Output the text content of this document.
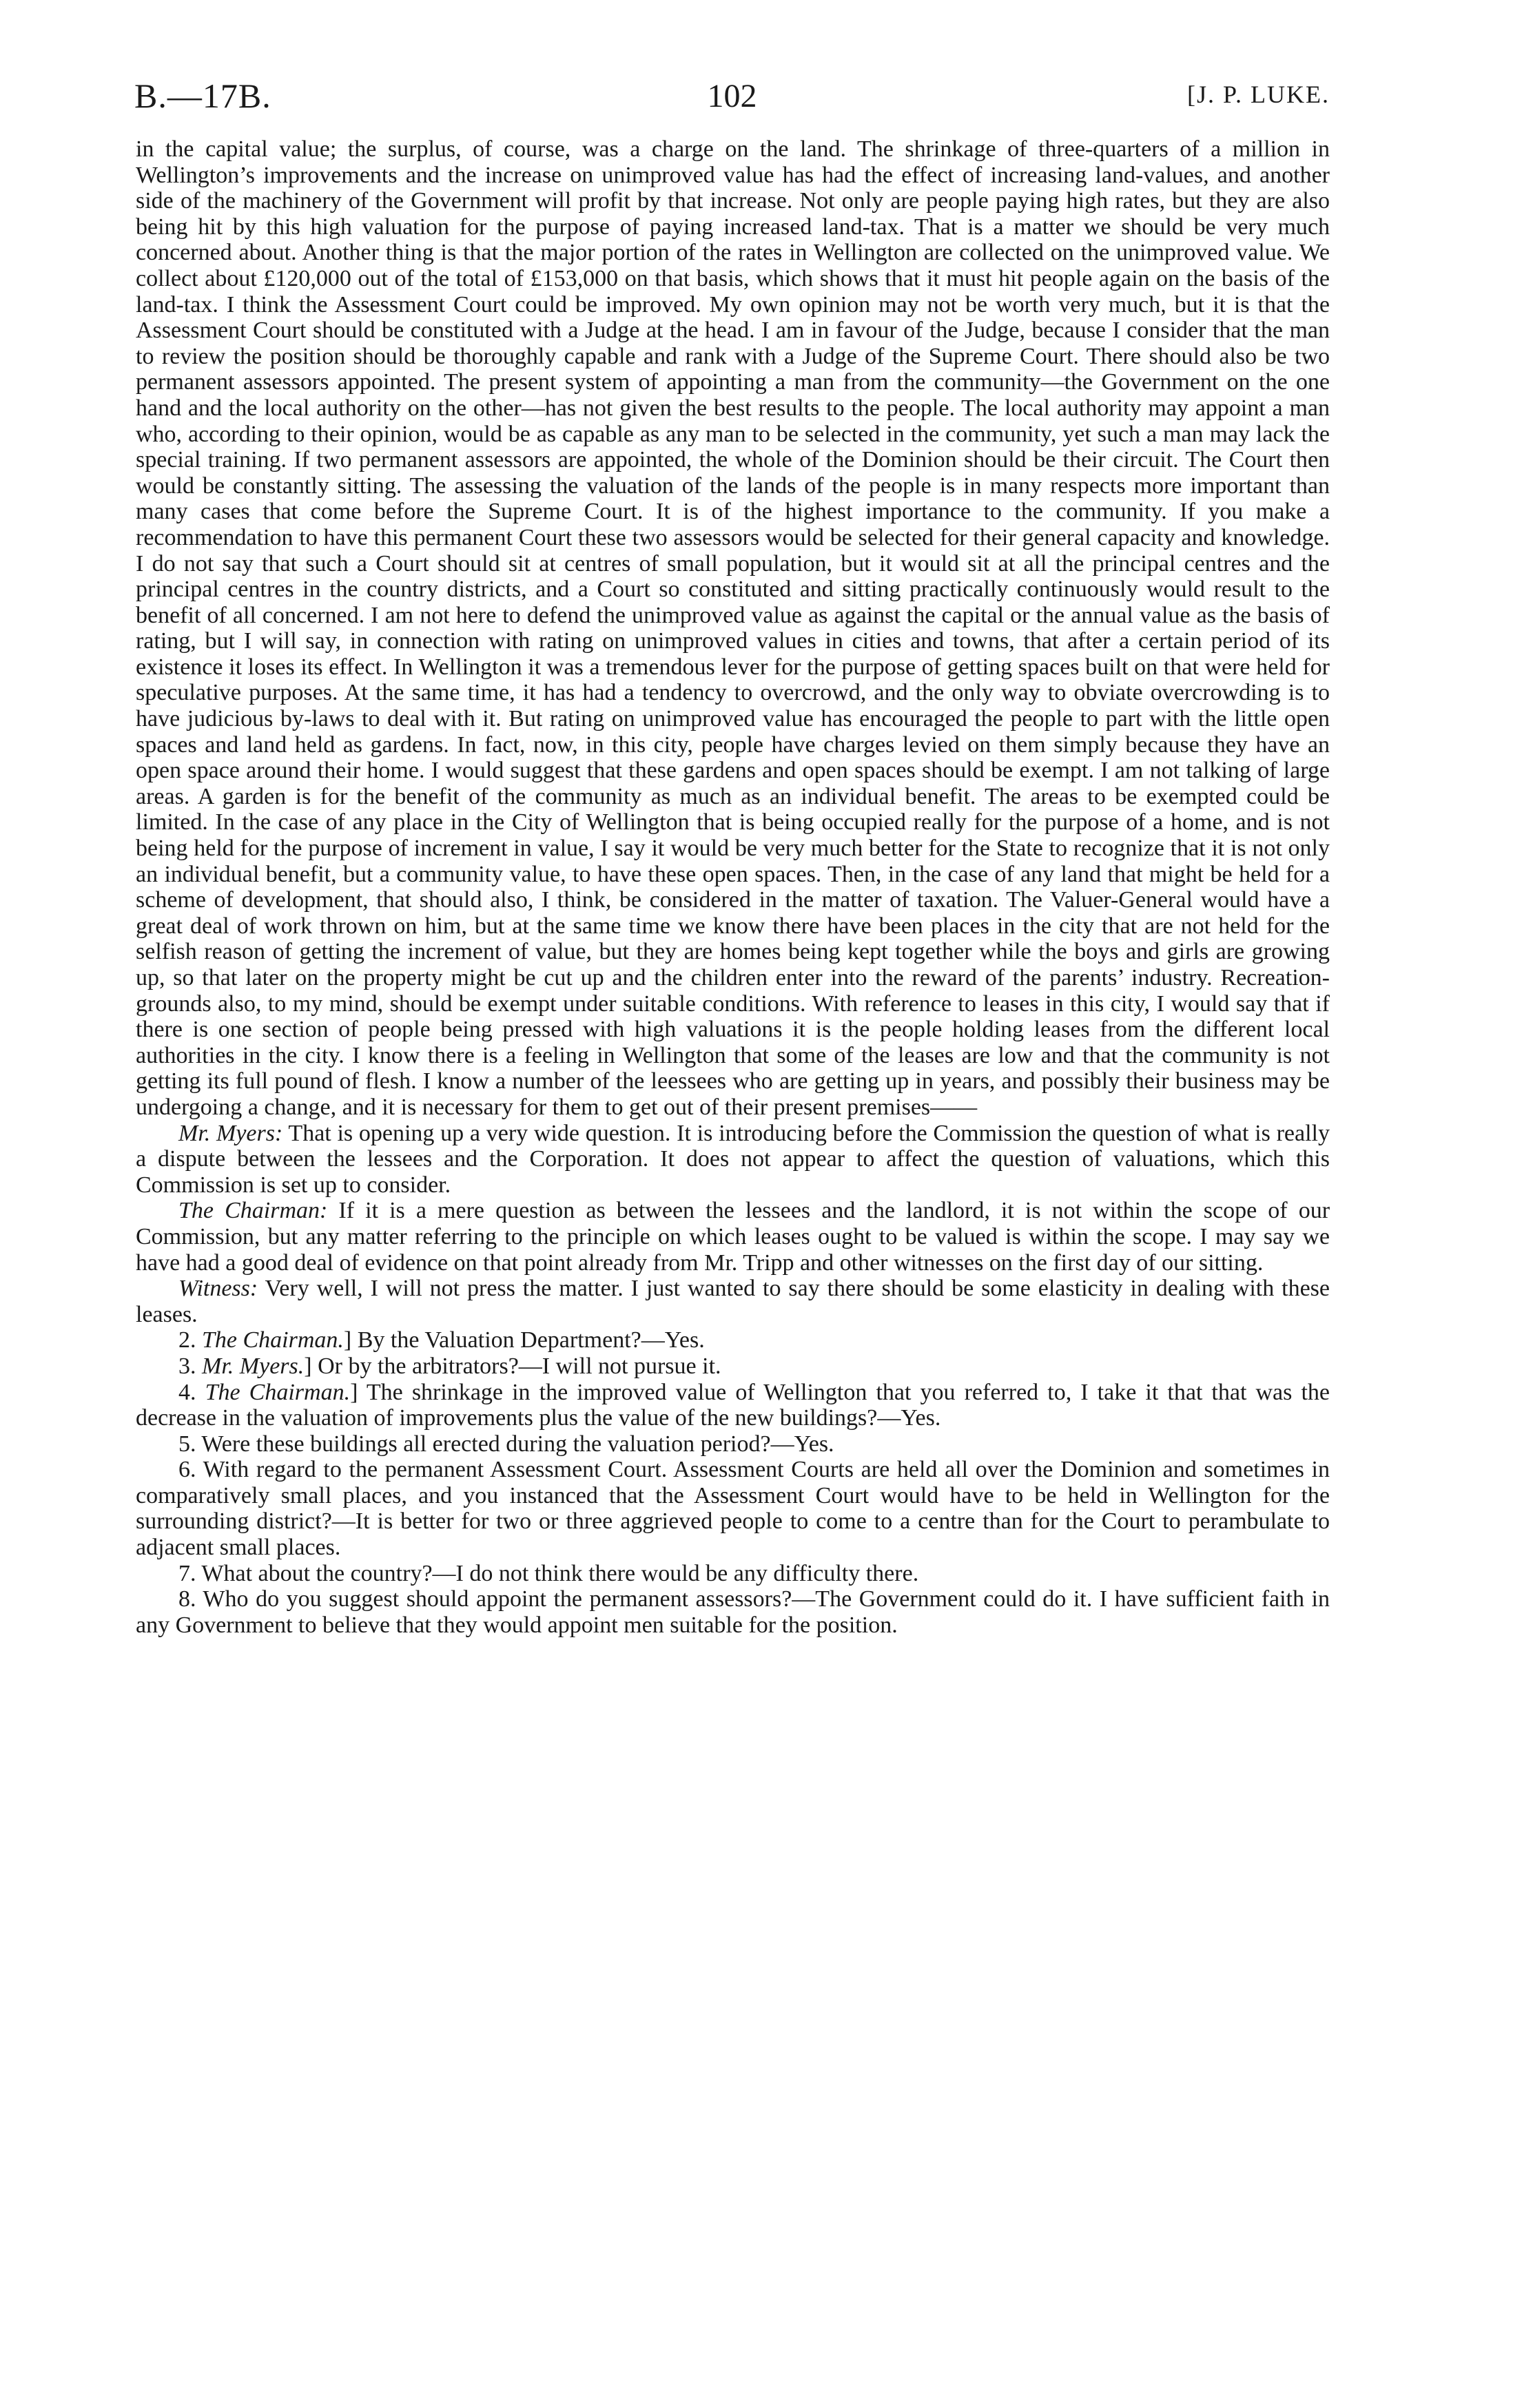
B.—17B.	102	[J. P. LUKE.

in the capital value; the surplus, of course, was a charge on the land. The shrinkage of three-quarters of a million in Wellington’s improvements and the increase on unimproved value has had the effect of increasing land-values, and another side of the machinery of the Government will profit by that increase. Not only are people paying high rates, but they are also being hit by this high valuation for the purpose of paying increased land-tax. That is a matter we should be very much concerned about. Another thing is that the major portion of the rates in Wellington are collected on the unimproved value. We collect about £120,000 out of the total of £153,000 on that basis, which shows that it must hit people again on the basis of the land-tax. I think the Assessment Court could be improved. My own opinion may not be worth very much, but it is that the Assessment Court should be constituted with a Judge at the head. I am in favour of the Judge, because I consider that the man to review the position should be thoroughly capable and rank with a Judge of the Supreme Court. There should also be two permanent assessors appointed. The present system of appointing a man from the community—the Government on the one hand and the local authority on the other—has not given the best results to the people. The local authority may appoint a man who, according to their opinion, would be as capable as any man to be selected in the community, yet such a man may lack the special training. If two permanent assessors are appointed, the whole of the Dominion should be their circuit. The Court then would be constantly sitting. The assessing the valuation of the lands of the people is in many respects more important than many cases that come before the Supreme Court. It is of the highest importance to the community. If you make a recommendation to have this permanent Court these two assessors would be selected for their general capacity and knowledge. I do not say that such a Court should sit at centres of small population, but it would sit at all the principal centres and the principal centres in the country districts, and a Court so constituted and sitting practically continuously would result to the benefit of all concerned. I am not here to defend the unimproved value as against the capital or the annual value as the basis of rating, but I will say, in connection with rating on unimproved values in cities and towns, that after a certain period of its existence it loses its effect. In Wellington it was a tremendous lever for the purpose of getting spaces built on that were held for speculative purposes. At the same time, it has had a tendency to overcrowd, and the only way to obviate overcrowding is to have judicious by-laws to deal with it. But rating on unimproved value has encouraged the people to part with the little open spaces and land held as gardens. In fact, now, in this city, people have charges levied on them simply because they have an open space around their home. I would suggest that these gardens and open spaces should be exempt. I am not talking of large areas. A garden is for the benefit of the community as much as an individual benefit. The areas to be exempted could be limited. In the case of any place in the City of Wellington that is being occupied really for the purpose of a home, and is not being held for the purpose of increment in value, I say it would be very much better for the State to recognize that it is not only an individual benefit, but a community value, to have these open spaces. Then, in the case of any land that might be held for a scheme of development, that should also, I think, be considered in the matter of taxation. The Valuer-General would have a great deal of work thrown on him, but at the same time we know there have been places in the city that are not held for the selfish reason of getting the increment of value, but they are homes being kept together while the boys and girls are growing up, so that later on the property might be cut up and the children enter into the reward of the parents’ industry. Recreation-grounds also, to my mind, should be exempt under suitable conditions. With reference to leases in this city, I would say that if there is one section of people being pressed with high valuations it is the people holding leases from the different local authorities in the city. I know there is a feeling in Wellington that some of the leases are low and that the community is not getting its full pound of flesh. I know a number of the leessees who are getting up in years, and possibly their business may be undergoing a change, and it is necessary for them to get out of their present premises——

Mr. Myers: That is opening up a very wide question. It is introducing before the Commission the question of what is really a dispute between the lessees and the Corporation. It does not appear to affect the question of valuations, which this Commission is set up to consider.

The Chairman: If it is a mere question as between the lessees and the landlord, it is not within the scope of our Commission, but any matter referring to the principle on which leases ought to be valued is within the scope. I may say we have had a good deal of evidence on that point already from Mr. Tripp and other witnesses on the first day of our sitting.

Witness: Very well, I will not press the matter. I just wanted to say there should be some elasticity in dealing with these leases.

2. The Chairman.] By the Valuation Department?—Yes.

3. Mr. Myers.] Or by the arbitrators?—I will not pursue it.

4. The Chairman.] The shrinkage in the improved value of Wellington that you referred to, I take it that that was the decrease in the valuation of improvements plus the value of the new buildings?—Yes.

5. Were these buildings all erected during the valuation period?—Yes.

6. With regard to the permanent Assessment Court. Assessment Courts are held all over the Dominion and sometimes in comparatively small places, and you instanced that the Assessment Court would have to be held in Wellington for the surrounding district?—It is better for two or three aggrieved people to come to a centre than for the Court to perambulate to adjacent small places.

7. What about the country?—I do not think there would be any difficulty there.

8. Who do you suggest should appoint the permanent assessors?—The Government could do it. I have sufficient faith in any Government to believe that they would appoint men suitable for the position.
